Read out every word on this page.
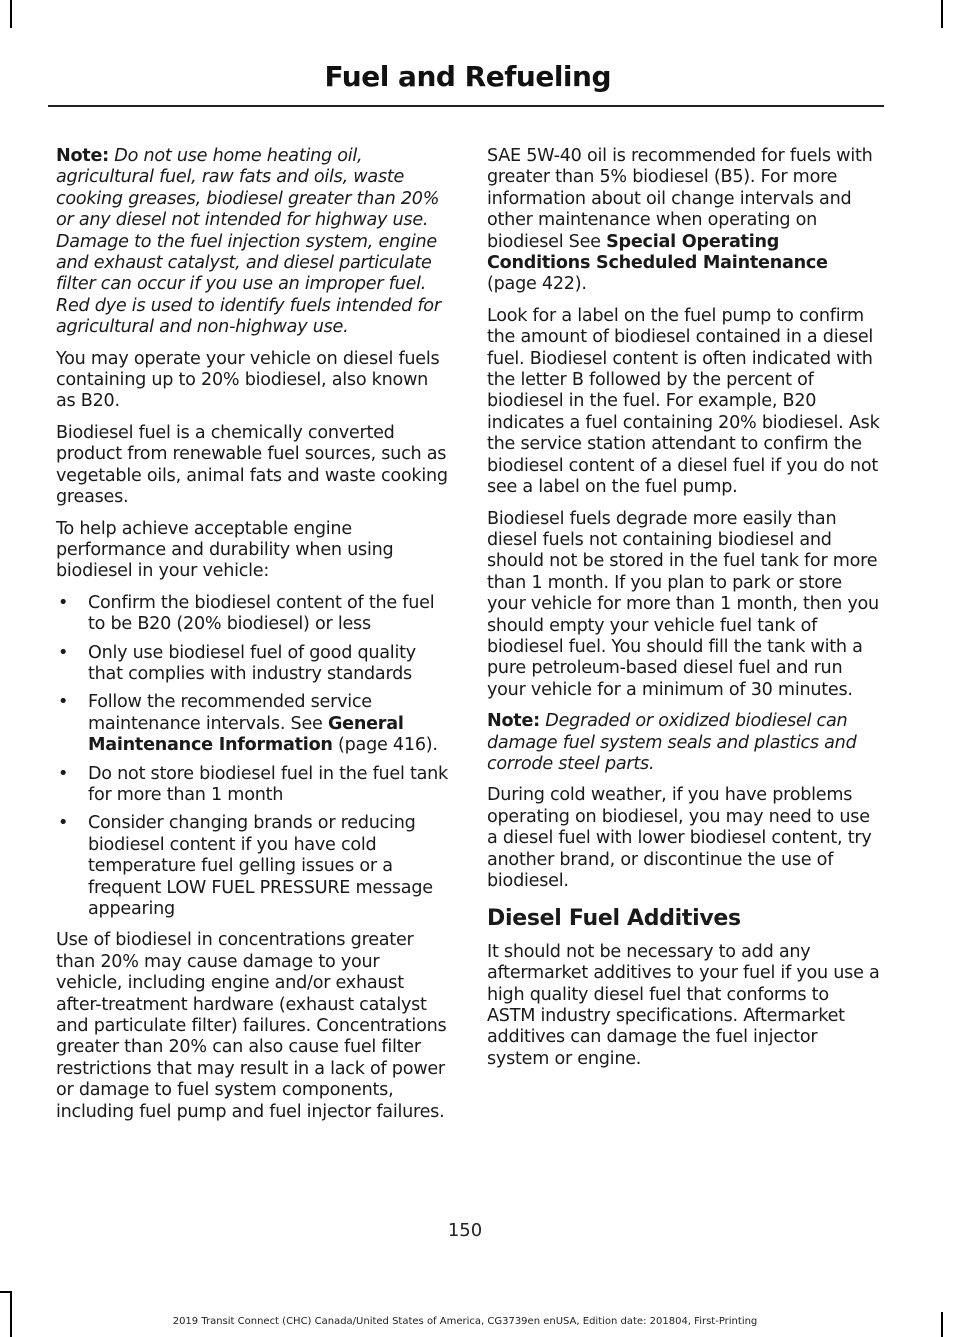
Fuel and Refueling

Note: Do not use home heating oil, agricultural fuel, raw fats and oils, waste cooking greases, biodiesel greater than 20% or any diesel not intended for highway use. Damage to the fuel injection system, engine and exhaust catalyst, and diesel particulate filter can occur if you use an improper fuel. Red dye is used to identify fuels intended for agricultural and non-highway use.

You may operate your vehicle on diesel fuels containing up to 20% biodiesel, also known as B20.

Biodiesel fuel is a chemically converted product from renewable fuel sources, such as vegetable oils, animal fats and waste cooking greases.

To help achieve acceptable engine performance and durability when using biodiesel in your vehicle:

• Confirm the biodiesel content of the fuel to be B20 (20% biodiesel) or less
• Only use biodiesel fuel of good quality that complies with industry standards
• Follow the recommended service maintenance intervals. See General Maintenance Information (page 416).
• Do not store biodiesel fuel in the fuel tank for more than 1 month
• Consider changing brands or reducing biodiesel content if you have cold temperature fuel gelling issues or a frequent LOW FUEL PRESSURE message appearing

Use of biodiesel in concentrations greater than 20% may cause damage to your vehicle, including engine and/or exhaust after-treatment hardware (exhaust catalyst and particulate filter) failures. Concentrations greater than 20% can also cause fuel filter restrictions that may result in a lack of power or damage to fuel system components, including fuel pump and fuel injector failures.

SAE 5W-40 oil is recommended for fuels with greater than 5% biodiesel (B5). For more information about oil change intervals and other maintenance when operating on biodiesel See Special Operating Conditions Scheduled Maintenance (page 422).

Look for a label on the fuel pump to confirm the amount of biodiesel contained in a diesel fuel. Biodiesel content is often indicated with the letter B followed by the percent of biodiesel in the fuel. For example, B20 indicates a fuel containing 20% biodiesel. Ask the service station attendant to confirm the biodiesel content of a diesel fuel if you do not see a label on the fuel pump.

Biodiesel fuels degrade more easily than diesel fuels not containing biodiesel and should not be stored in the fuel tank for more than 1 month. If you plan to park or store your vehicle for more than 1 month, then you should empty your vehicle fuel tank of biodiesel fuel. You should fill the tank with a pure petroleum-based diesel fuel and run your vehicle for a minimum of 30 minutes.

Note: Degraded or oxidized biodiesel can damage fuel system seals and plastics and corrode steel parts.

During cold weather, if you have problems operating on biodiesel, you may need to use a diesel fuel with lower biodiesel content, try another brand, or discontinue the use of biodiesel.

Diesel Fuel Additives

It should not be necessary to add any aftermarket additives to your fuel if you use a high quality diesel fuel that conforms to ASTM industry specifications. Aftermarket additives can damage the fuel injector system or engine.

150
2019 Transit Connect (CHC) Canada/United States of America, CG3739en enUSA, Edition date: 201804, First-Printing
